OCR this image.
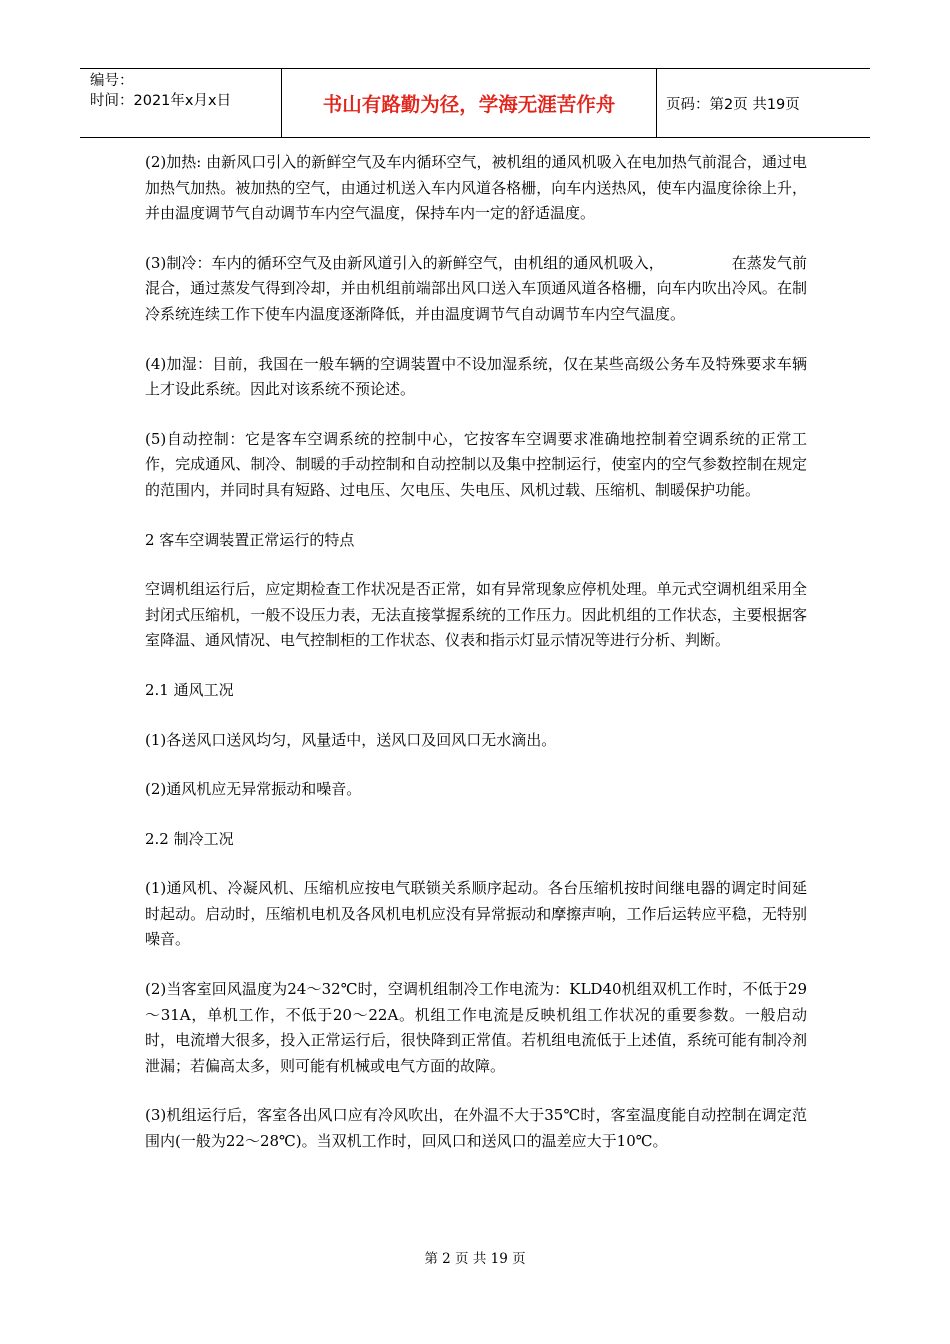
编号：
时间：2021年x月x日	书山有路勤为径，学海无涯苦作舟	页码：第2页 共19页

(2)加热: 由新风口引入的新鲜空气及车内循环空气，被机组的通风机吸入在电加热气前混合，通过电加热气加热。被加热的空气，由通过机送入车内风道各格栅，向车内送热风，使车内温度徐徐上升，并由温度调节气自动调节车内空气温度，保持车内一定的舒适温度。

(3)制冷：车内的循环空气及由新风道引入的新鲜空气，由机组的通风机吸入，　　　　　在蒸发气前混合，通过蒸发气得到冷却，并由机组前端部出风口送入车顶通风道各格栅，向车内吹出冷风。在制冷系统连续工作下使车内温度逐渐降低，并由温度调节气自动调节车内空气温度。

(4)加湿：目前，我国在一般车辆的空调装置中不设加湿系统，仅在某些高级公务车及特殊要求车辆上才设此系统。因此对该系统不预论述。

(5)自动控制：它是客车空调系统的控制中心，它按客车空调要求准确地控制着空调系统的正常工作，完成通风、制冷、制暖的手动控制和自动控制以及集中控制运行，使室内的空气参数控制在规定的范围内，并同时具有短路、过电压、欠电压、失电压、风机过载、压缩机、制暖保护功能。

2 客车空调装置正常运行的特点

空调机组运行后，应定期检查工作状况是否正常，如有异常现象应停机处理。单元式空调机组采用全封闭式压缩机，一般不设压力表，无法直接掌握系统的工作压力。因此机组的工作状态，主要根据客室降温、通风情况、电气控制柜的工作状态、仪表和指示灯显示情况等进行分析、判断。

2.1 通风工况

(1)各送风口送风均匀，风量适中，送风口及回风口无水滴出。

(2)通风机应无异常振动和噪音。

2.2 制冷工况

(1)通风机、冷凝风机、压缩机应按电气联锁关系顺序起动。各台压缩机按时间继电器的调定时间延时起动。启动时，压缩机电机及各风机电机应没有异常振动和摩擦声响，工作后运转应平稳，无特别噪音。

(2)当客室回风温度为24～32℃时，空调机组制冷工作电流为：KLD40机组双机工作时，不低于29～31A，单机工作，不低于20～22A。机组工作电流是反映机组工作状况的重要参数。一般启动时，电流增大很多，投入正常运行后，很快降到正常值。若机组电流低于上述值，系统可能有制冷剂泄漏；若偏高太多，则可能有机械或电气方面的故障。

(3)机组运行后，客室各出风口应有冷风吹出，在外温不大于35℃时，客室温度能自动控制在调定范围内(一般为22～28℃)。当双机工作时，回风口和送风口的温差应大于10℃。

第 2 页 共 19 页
